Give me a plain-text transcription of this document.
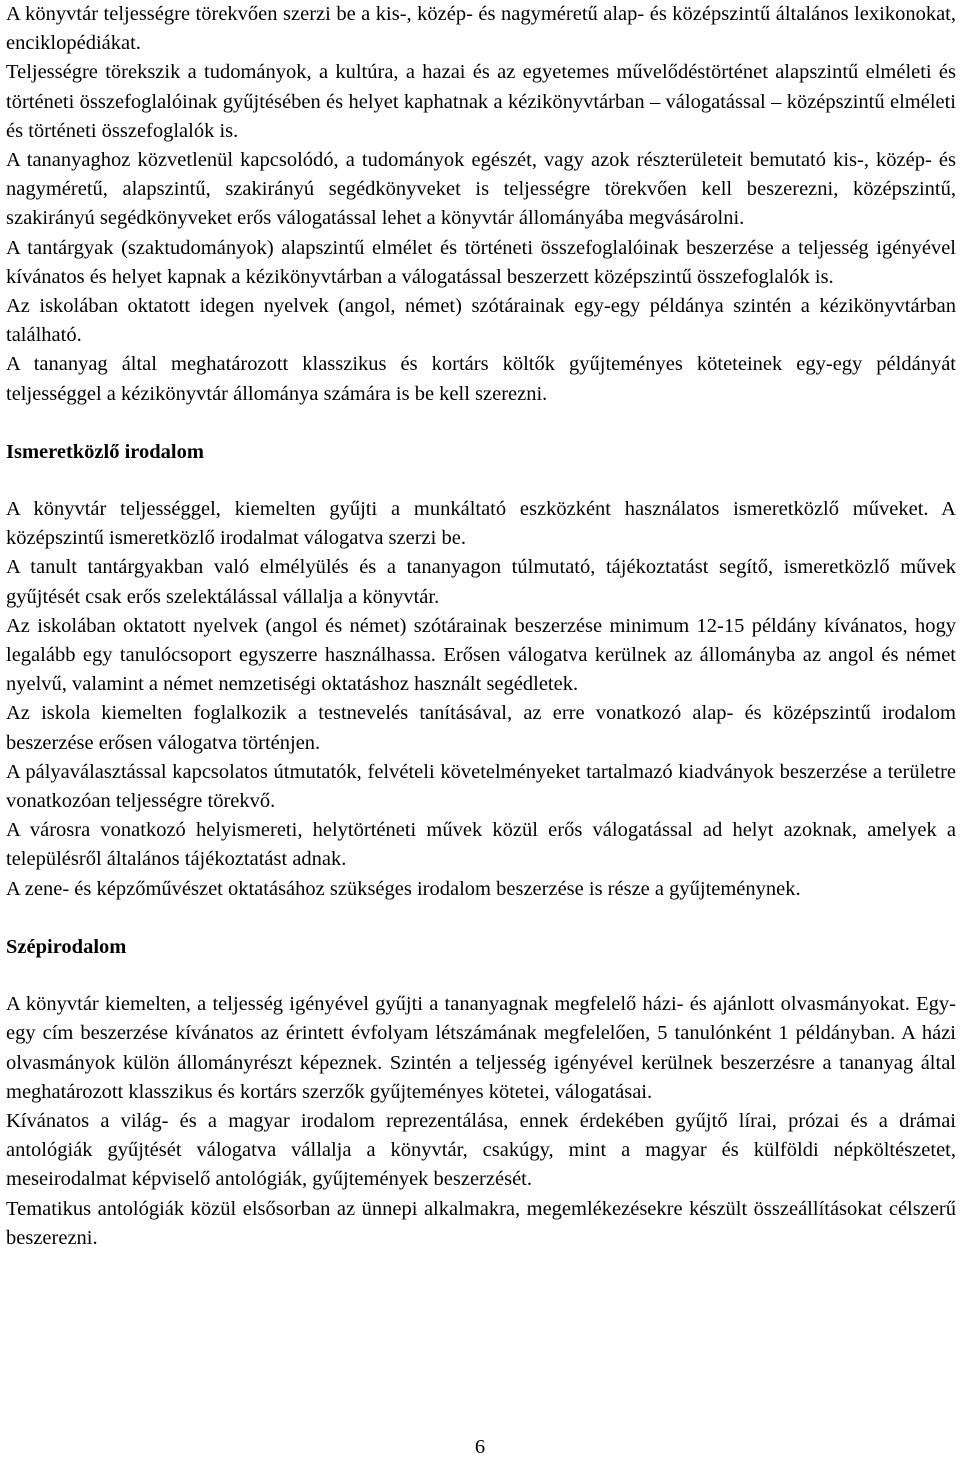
A könyvtár teljességre törekvően szerzi be a kis-, közép- és nagyméretű alap- és középszintű általános lexikonokat, enciklopédiákat.

Teljességre törekszik a tudományok, a kultúra, a hazai és az egyetemes művelődéstörténet alapszintű elméleti és történeti összefoglalóinak gyűjtésében és helyet kaphatnak a kézikönyvtárban – válogatással – középszintű elméleti és történeti összefoglalók is.

A tananyaghoz közvetlenül kapcsolódó, a tudományok egészét, vagy azok részterületeit bemutató kis-, közép- és nagyméretű, alapszintű, szakirányú segédkönyveket is teljességre törekvően kell beszerezni, középszintű, szakirányú segédkönyveket erős válogatással lehet a könyvtár állományába megvásárolni.

A tantárgyak (szaktudományok) alapszintű elmélet és történeti összefoglalóinak beszerzése a teljesség igényével kívánatos és helyet kapnak a kézikönyvtárban a válogatással beszerzett középszintű összefoglalók is.

Az iskolában oktatott idegen nyelvek (angol, német) szótárainak egy-egy példánya szintén a kézikönyvtárban található.

A tananyag által meghatározott klasszikus és kortárs költők gyűjteményes köteteinek egy-egy példányát teljességgel a kézikönyvtár állománya számára is be kell szerezni.

Ismeretközlő irodalom

A könyvtár teljességgel, kiemelten gyűjti a munkáltató eszközként használatos ismeretközlő műveket. A középszintű ismeretközlő irodalmat válogatva szerzi be.

A tanult tantárgyakban való elmélyülés és a tananyagon túlmutató, tájékoztatást segítő, ismeretközlő művek gyűjtését csak erős szelektálással vállalja a könyvtár.

Az iskolában oktatott nyelvek (angol és német) szótárainak beszerzése minimum 12-15 példány kívánatos, hogy legalább egy tanulócsoport egyszerre használhassa. Erősen válogatva kerülnek az állományba az angol és német nyelvű, valamint a német nemzetiségi oktatáshoz használt segédletek.

Az iskola kiemelten foglalkozik a testnevelés tanításával, az erre vonatkozó alap- és középszintű irodalom beszerzése erősen válogatva történjen.

A pályaválasztással kapcsolatos útmutatók, felvételi követelményeket tartalmazó kiadványok beszerzése a területre vonatkozóan teljességre törekvő.

A városra vonatkozó helyismereti, helytörténeti művek közül erős válogatással ad helyt azoknak, amelyek a településről általános tájékoztatást adnak.

A zene- és képzőművészet oktatásához szükséges irodalom beszerzése is része a gyűjteménynek.

Szépirodalom

A könyvtár kiemelten, a teljesség igényével gyűjti a tananyagnak megfelelő házi- és ajánlott olvasmányokat. Egy-egy cím beszerzése kívánatos az érintett évfolyam létszámának megfelelően, 5 tanulónként 1 példányban. A házi olvasmányok külön állományrészt képeznek. Szintén a teljesség igényével kerülnek beszerzésre a tananyag által meghatározott klasszikus és kortárs szerzők gyűjteményes kötetei, válogatásai.

Kívánatos a világ- és a magyar irodalom reprezentálása, ennek érdekében gyűjtő lírai, prózai és a drámai antológiák gyűjtését válogatva vállalja a könyvtár, csakúgy, mint a magyar és külföldi népköltészetet, meseirodalmat képviselő antológiák, gyűjtemények beszerzését.

Tematikus antológiák közül elsősorban az ünnepi alkalmakra, megemlékezésekre készült összeállításokat célszerű beszerezni.

6
